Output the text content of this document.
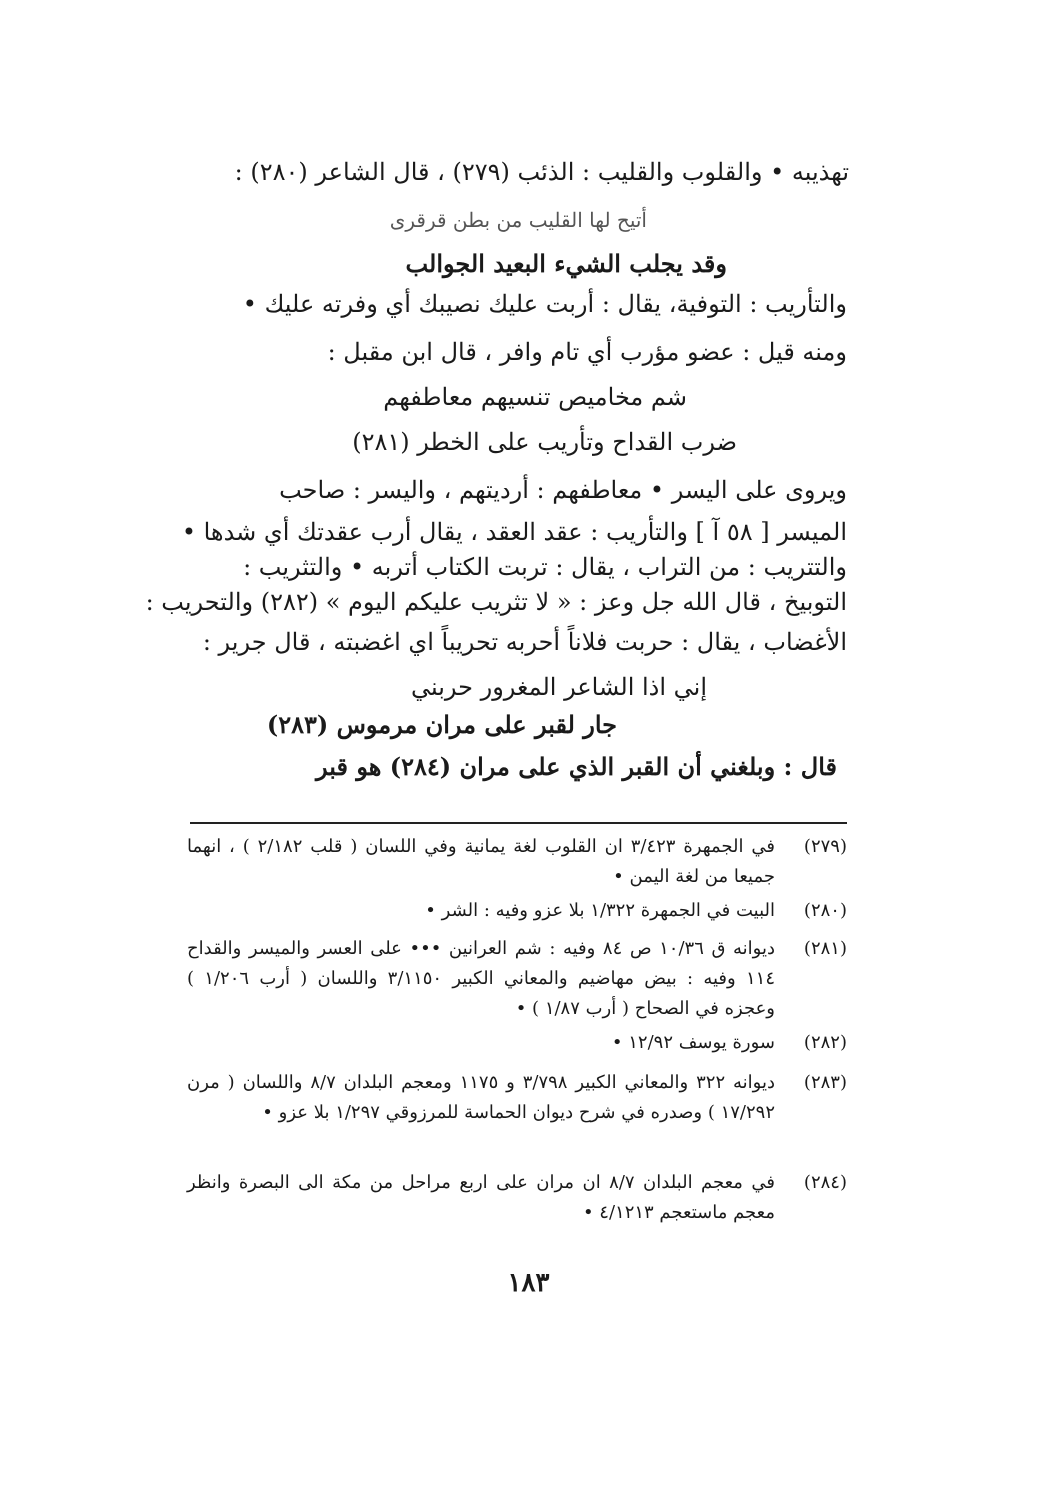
تهذيبه • والقلوب والقليب : الذئب (٢٧٩) ، قال الشاعر (٢٨٠) :
أتيح لها القليب من بطن قرقرى
وقد يجلب الشيء البعيد الجوالب
والتأريب : التوفية، يقال : أربت عليك نصيبك أي وفرته عليك •
ومنه قيل : عضو مؤرب أي تام وافر ، قال ابن مقبل :
شم مخاميص تنسيهم معاطفهم
ضرب القداح وتأريب على الخطر (٢٨١)
ويروى على اليسر • معاطفهم : أرديتهم ، واليسر : صاحب
الميسر [ ٥٨ آ ] والتأريب : عقد العقد ، يقال أرب عقدتك أي شدها •
والتتريب : من التراب ، يقال : تربت الكتاب أتربه • والتثريب :
التوبيخ ، قال الله جل وعز : « لا تثريب عليكم اليوم » (٢٨٢) والتحريب :
الأغضاب ، يقال : حربت فلاناً أحربه تحريباً اي اغضبته ، قال جرير :
إني اذا الشاعر المغرور حربني
جار لقبر على مران مرموس (٢٨٣)
قال : وبلغني أن القبر الذي على مران (٢٨٤) هو قبر
(٢٧٩)
في الجمهرة ٣/٤٢٣ ان القلوب لغة يمانية وفي اللسان ( قلب ٢/١٨٢ ) ، انهما جميعا من لغة اليمن •
(٢٨٠)
البيت في الجمهرة ١/٣٢٢ بلا عزو وفيه : الشر •
(٢٨١)
ديوانه ق ١٠/٣٦ ص ٨٤ وفيه : شم العرانين ••• على العسر والميسر والقداح ١١٤ وفيه : بيض مهاضيم والمعاني الكبير ٣/١١٥٠ واللسان ( أرب ١/٢٠٦ ) وعجزه في الصحاح ( أرب ١/٨٧ ) •
(٢٨٢)
سورة يوسف ١٢/٩٢ •
(٢٨٣)
ديوانه ٣٢٢ والمعاني الكبير ٣/٧٩٨ و ١١٧٥ ومعجم البلدان ٨/٧ واللسان ( مرن ١٧/٢٩٢ ) وصدره في شرح ديوان الحماسة للمرزوقي ١/٢٩٧ بلا عزو •
(٢٨٤)
في معجم البلدان ٨/٧ ان مران على اربع مراحل من مكة الى البصرة وانظر معجم ماستعجم ٤/١٢١٣ •
١٨٣
